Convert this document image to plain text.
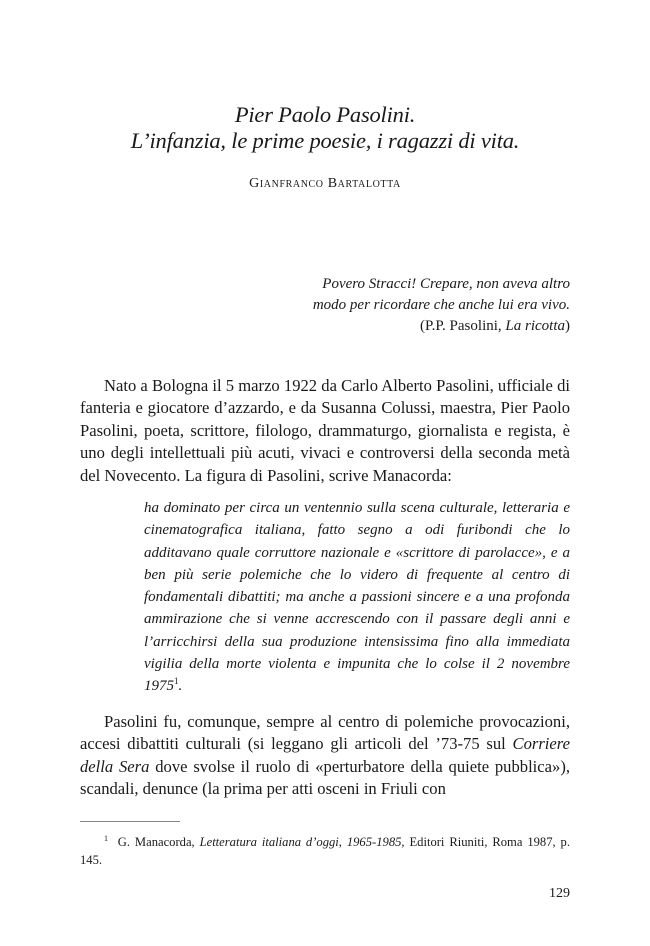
Pier Paolo Pasolini.

L’infanzia, le prime poesie, i ragazzi di vita.

Gianfranco Bartalotta

Povero Stracci! Crepare, non aveva altro

modo per ricordare che anche lui era vivo.

(P.P. Pasolini, La ricotta)

Nato a Bologna il 5 marzo 1922 da Carlo Alberto Pasolini, ufficiale di fanteria e giocatore d’azzardo, e da Susanna Colussi, maestra, Pier Paolo Pasolini, poeta, scrittore, filologo, drammaturgo, giornalista e regista, è uno degli intellettuali più acuti, vivaci e controversi della seconda metà del Novecento. La figura di Pasolini, scrive Manacorda:

ha dominato per circa un ventennio sulla scena culturale, letteraria e cinematografica italiana, fatto segno a odi furibondi che lo additavano quale corruttore nazionale e «scrittore di parolacce», e a ben più serie polemiche che lo videro di frequente al centro di fondamentali dibattiti; ma anche a passioni sincere e a una profonda ammirazione che si venne accrescendo con il passare degli anni e l’arricchirsi della sua produzione intensissima fino alla immediata vigilia della morte violenta e impunita che lo colse il 2 novembre 1975$^1$.

Pasolini fu, comunque, sempre al centro di polemiche provocazioni, accesi dibattiti culturali (si leggano gli articoli del ’73-75 sul Corriere della Sera dove svolse il ruolo di «perturbatore della quiete pubblica»), scandali, denunce (la prima per atti osceni in Friuli con

$^1$ G. Manacorda, Letteratura italiana d’oggi, 1965-1985, Editori Riuniti, Roma 1987, p. 145.

129
